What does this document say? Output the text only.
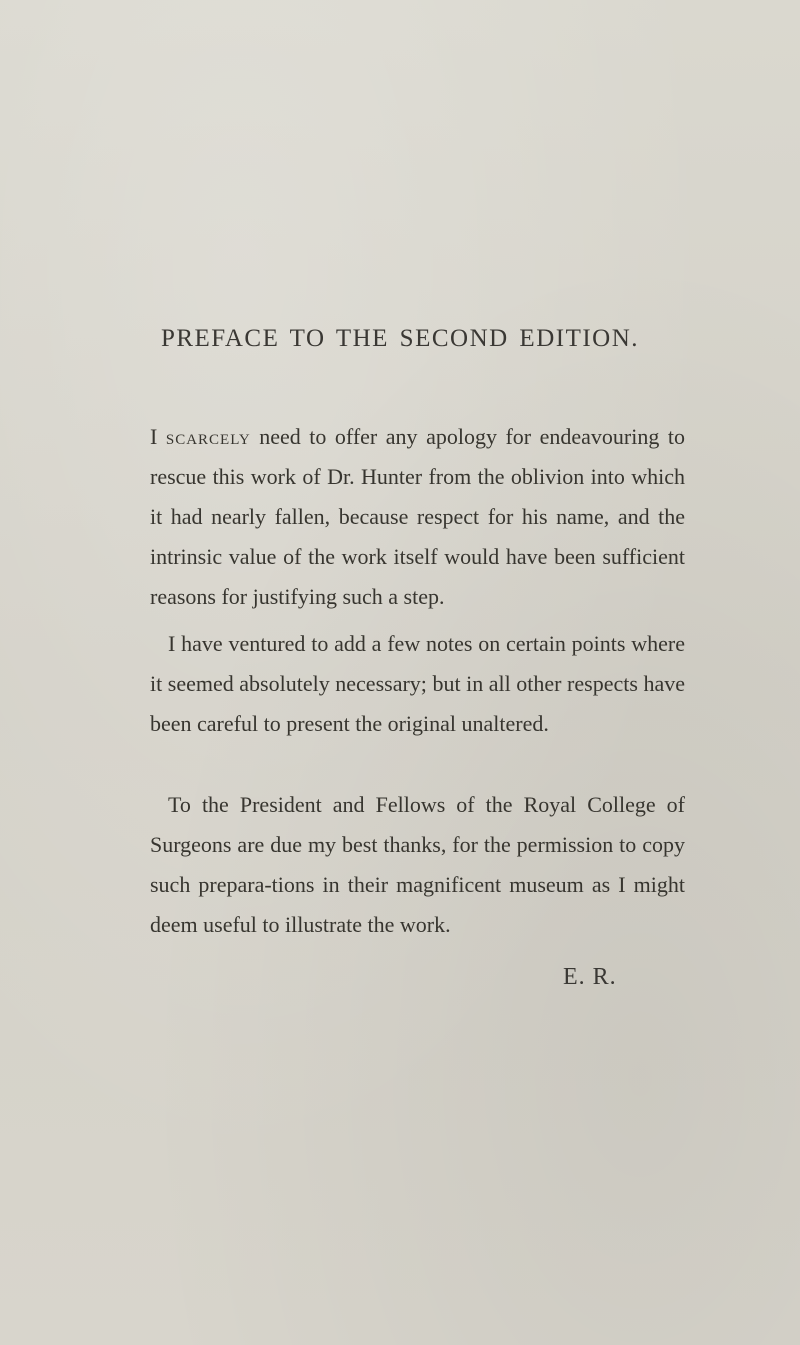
PREFACE TO THE SECOND EDITION.

I scarcely need to offer any apology for endeavouring to rescue this work of Dr. Hunter from the oblivion into which it had nearly fallen, because respect for his name, and the intrinsic value of the work itself would have been sufficient reasons for justifying such a step.

I have ventured to add a few notes on certain points where it seemed absolutely necessary; but in all other respects have been careful to present the original unaltered.

To the President and Fellows of the Royal College of Surgeons are due my best thanks, for the permission to copy such prepara-tions in their magnificent museum as I might deem useful to illustrate the work.

E. R.
